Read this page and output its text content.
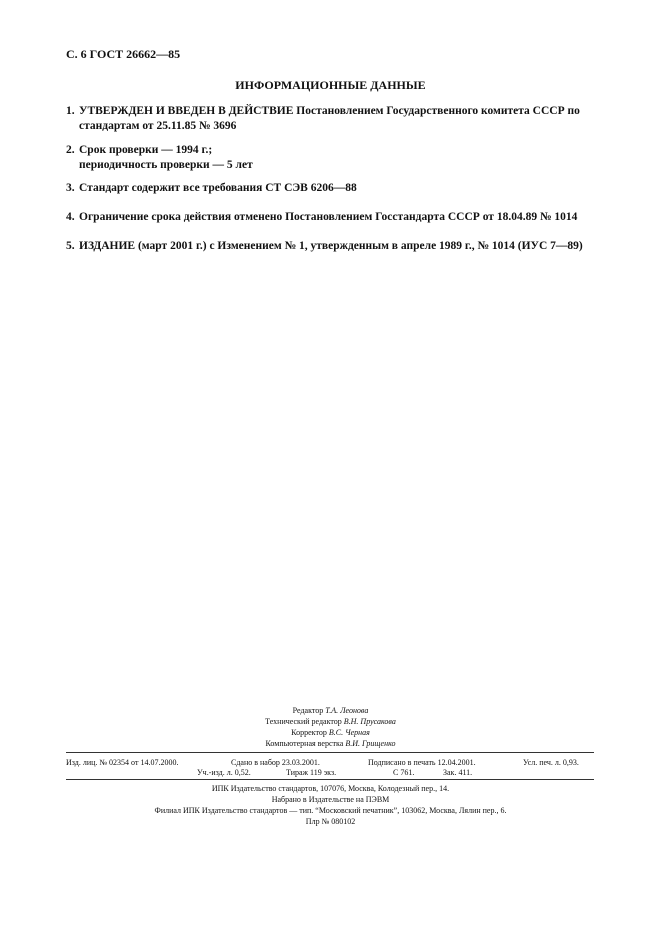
С. 6 ГОСТ 26662—85
ИНФОРМАЦИОННЫЕ ДАННЫЕ
1. УТВЕРЖДЕН И ВВЕДЕН В ДЕЙСТВИЕ Постановлением Государственного комитета СССР по
стандартам от 25.11.85 № 3696
2. Срок проверки — 1994 г.;
периодичность проверки — 5 лет
3. Стандарт содержит все требования СТ СЭВ 6206—88
4. Ограничение срока действия отменено Постановлением Госстандарта СССР от 18.04.89 № 1014
5. ИЗДАНИЕ (март 2001 г.) с Изменением № 1, утвержденным в апреле 1989 г., № 1014 (ИУС 7—89)
Редактор Т.А. Леонова
Технический редактор В.Н. Прусакова
Корректор В.С. Черная
Компьютерная верстка В.И. Грищенко
Изд. лиц. № 02354 от 14.07.2000.	Сдано в набор 23.03.2001.	Подписано в печать 12.04.2001.	Усл. печ. л. 0,93.
Уч.-изд. л. 0,52.	Тираж 119 экз.	С 761.	Зак. 411.
ИПК Издательство стандартов, 107076, Москва, Колодезный пер., 14.
Набрано в Издательстве на ПЭВМ
Филиал ИПК Издательство стандартов — тип. “Московский печатник”, 103062, Москва, Лялин пер., 6.
Плр № 080102
